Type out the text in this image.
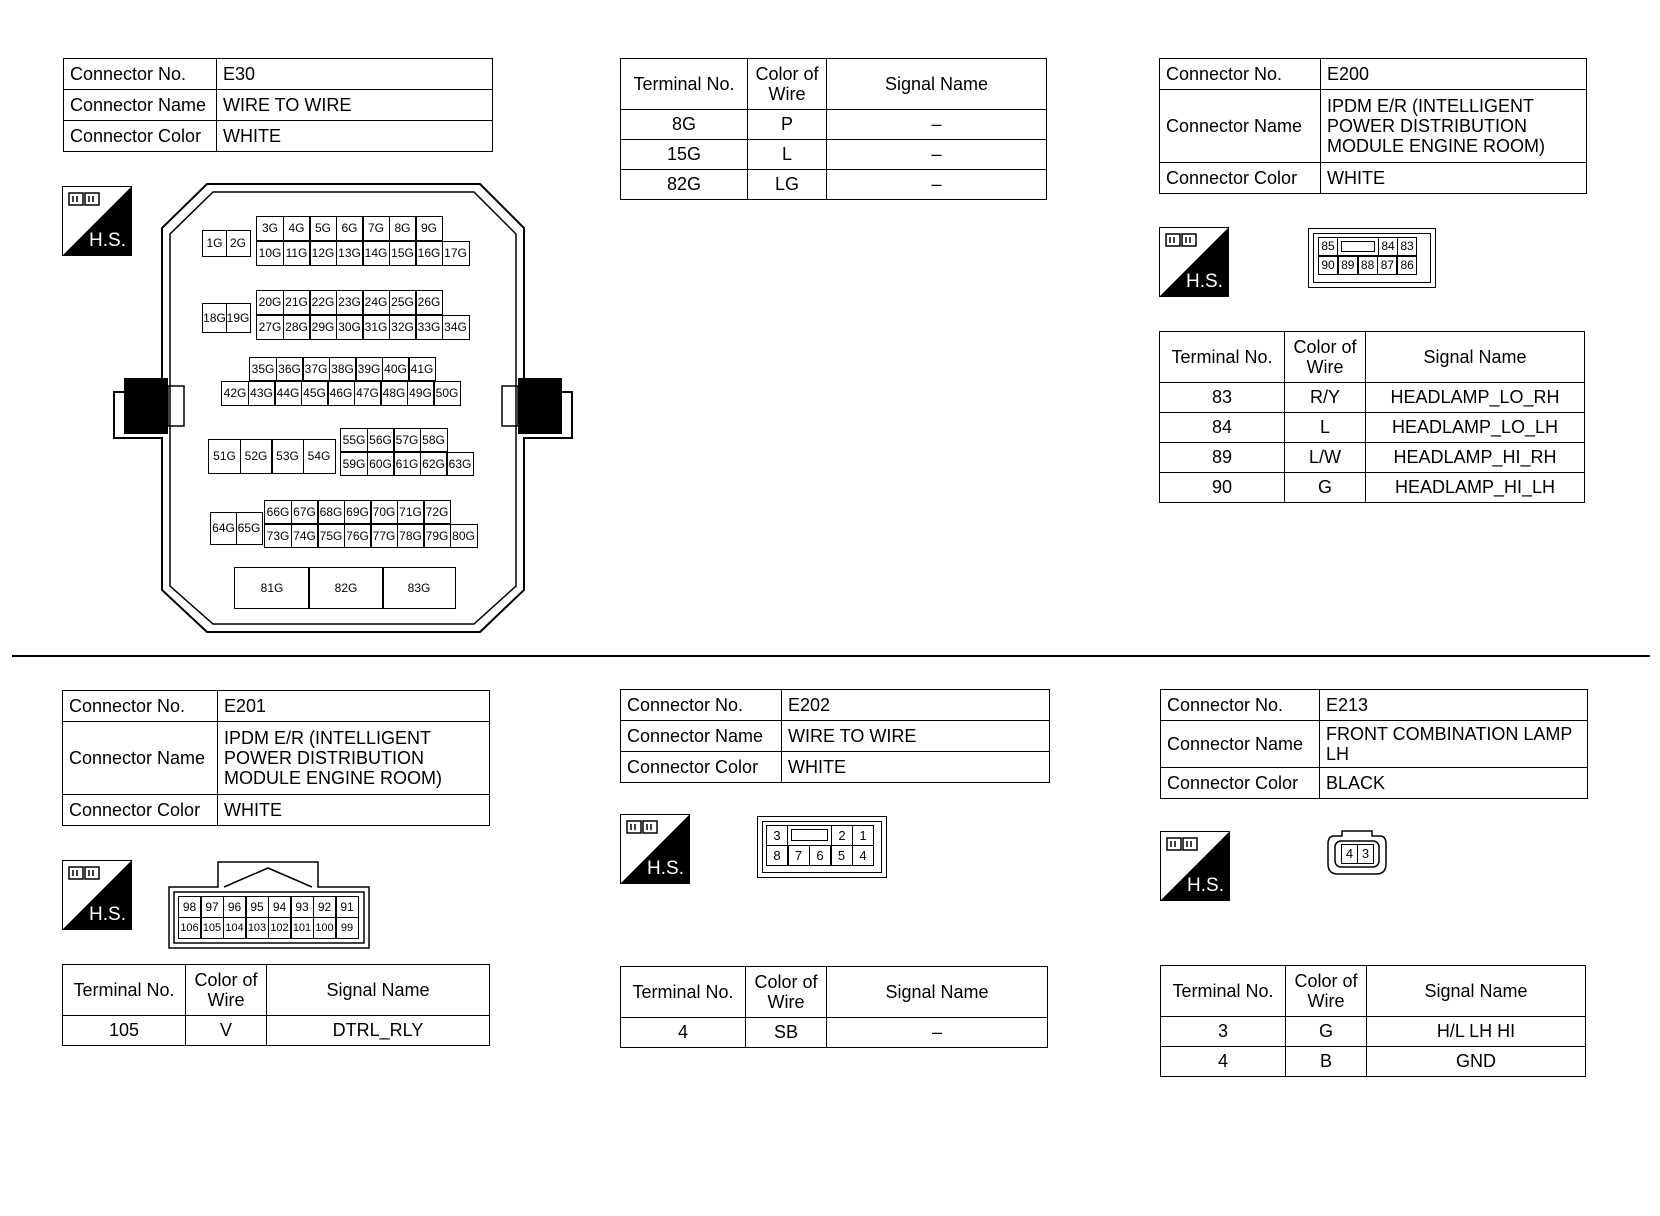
Connector No.	E30
Connector Name	WIRE TO WIRE
Connector Color	WHITE
H.S.
3G 4G 5G 6G 7G 8G 9G
1G 2G
10G 11G 12G 13G 14G 15G 16G 17G
20G 21G 22G 23G 24G 25G 26G
18G 19G
27G 28G 29G 30G 31G 32G 33G 34G
35G 36G 37G 38G 39G 40G 41G
42G 43G 44G 45G 46G 47G 48G 49G 50G
51G 52G 53G 54G
55G 56G 57G 58G
59G 60G 61G 62G 63G
64G 65G
66G 67G 68G 69G 70G 71G 72G
73G 74G 75G 76G 77G 78G 79G 80G
81G	82G	83G
Terminal No.	Color of Wire	Signal Name
8G	P	–
15G	L	–
82G	LG	–
Connector No.	E200
Connector Name	IPDM E/R (INTELLIGENT POWER DISTRIBUTION MODULE ENGINE ROOM)
Connector Color	WHITE
H.S.
85	84 83
90 89 88 87 86
Terminal No.	Color of Wire	Signal Name
83	R/Y	HEADLAMP_LO_RH
84	L	HEADLAMP_LO_LH
89	L/W	HEADLAMP_HI_RH
90	G	HEADLAMP_HI_LH
Connector No.	E201
Connector Name	IPDM E/R (INTELLIGENT POWER DISTRIBUTION MODULE ENGINE ROOM)
Connector Color	WHITE
H.S.	98 97 96 95 94 93 92 91
106 105 104 103 102 101 100 99
Terminal No.	Color of Wire	Signal Name
105	V	DTRL_RLY
Connector No.	E202
Connector Name	WIRE TO WIRE
Connector Color	WHITE
H.S.
3	2	1
8	7	6	5	4
Terminal No.	Color of Wire	Signal Name
4	SB	–
Connector No.	E213
Connector Name	FRONT COMBINATION LAMP LH
Connector Color	BLACK
H.S.
4 3
Terminal No.	Color of Wire	Signal Name
3	G	H/L LH HI
4	B	GND
